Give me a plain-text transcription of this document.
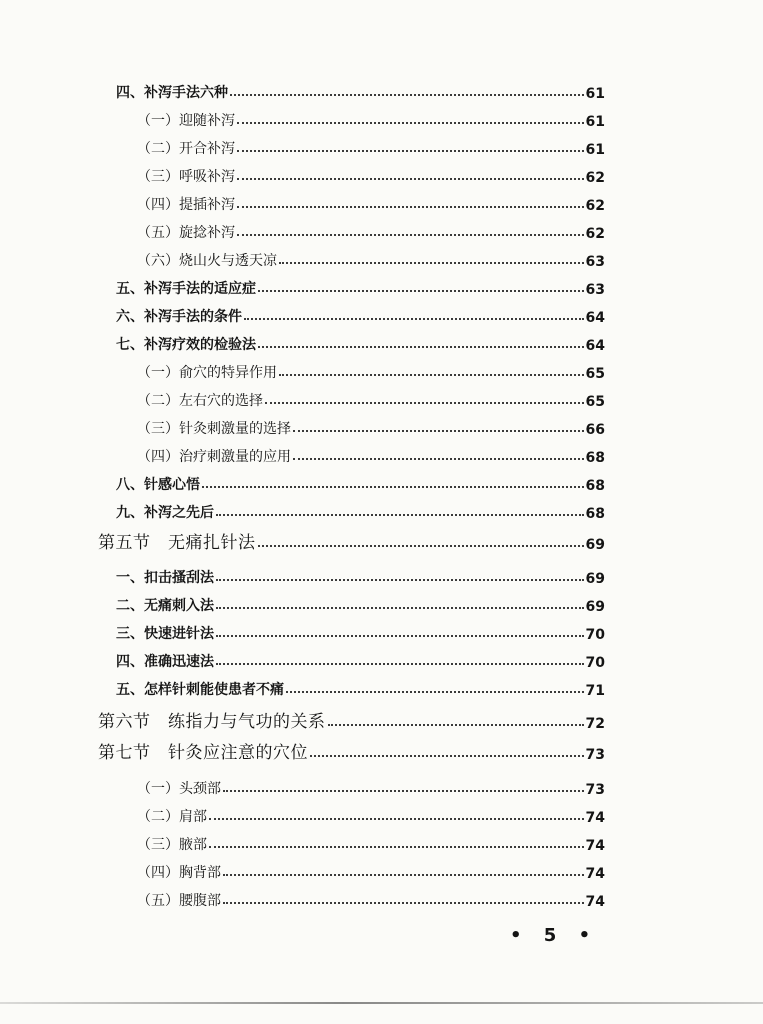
四、补泻手法六种	61
（一）迎随补泻	61
（二）开合补泻	61
（三）呼吸补泻	62
（四）提插补泻	62
（五）旋捻补泻	62
（六）烧山火与透天凉	63
五、补泻手法的适应症	63
六、补泻手法的条件	64
七、补泻疗效的检验法	64
（一）俞穴的特异作用	65
（二）左右穴的选择	65
（三）针灸刺激量的选择	66
（四）治疗刺激量的应用	68
八、针感心悟	68
九、补泻之先后	68
第五节　无痛扎针法	69
一、扣击搔刮法	69
二、无痛刺入法	69
三、快速进针法	70
四、准确迅速法	70
五、怎样针刺能使患者不痛	71
第六节　练指力与气功的关系	72
第七节　针灸应注意的穴位	73
（一）头颈部	73
（二）肩部	74
（三）腋部	74
（四）胸背部	74
（五）腰腹部	74
• 5 •
